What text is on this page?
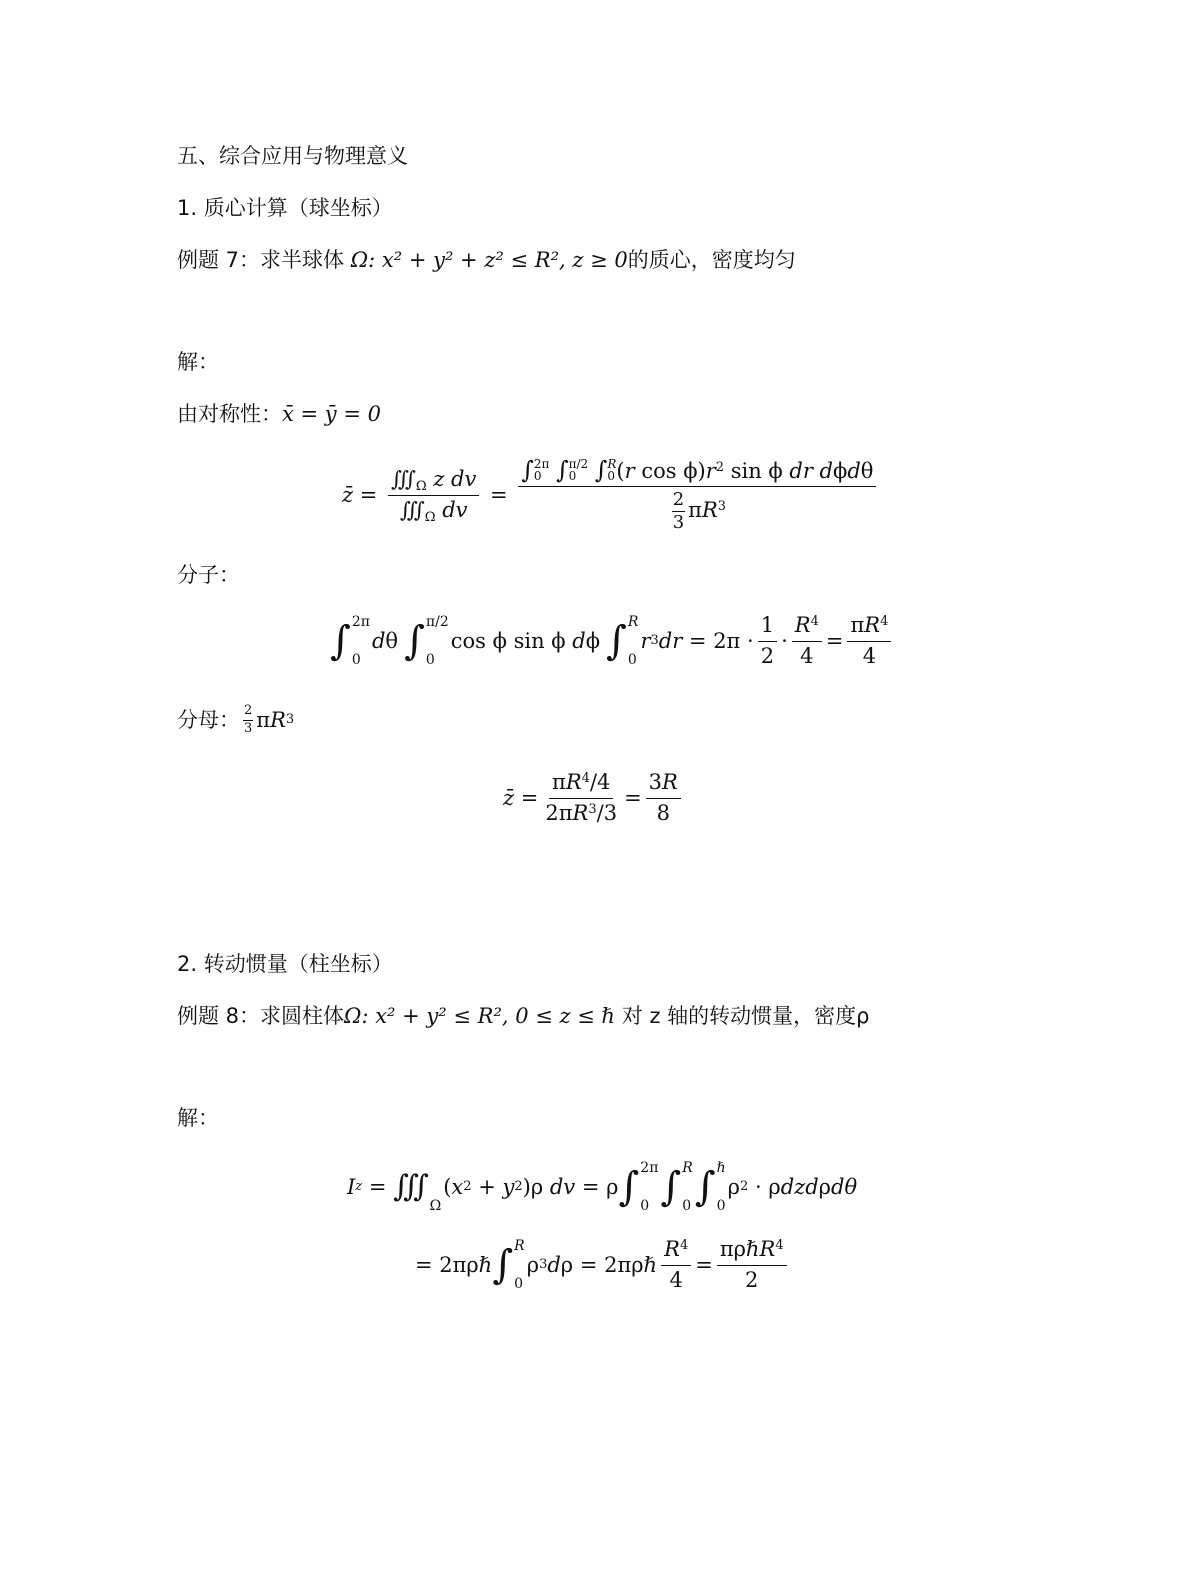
五、综合应用与物理意义
1. 质心计算（球坐标）
例题 7：求半球体 Ω: x² + y² + z² ≤ R², z ≥ 0的质心，密度均匀
解：
由对称性：x̄ = ȳ = 0
z̄ = $\frac{∭_\Omega z dv}{∭_\Omega dv}$ = ∫ 2π
0
∫ π/2
0
∫ R
0 (r $\cos \phi)r^2$ sin ϕ dr dϕdθ
$\frac{2}{3} \pi R^3$
分子：
∫ 2π
0
d θ ∫ π/2
0
cos ϕ sin ϕ d ϕ ∫ R
0
r 3 dr = $2\pi \cdot \frac{1}{2} \cdot \frac{R^4}{4} = \frac{\pi R^4}{4}$
分母： 2
3 π R 3
z̄ = $\frac{\pi R^4/4}{2\pi R^3/3} = \frac{3R}{8}$
2. 转动惯量（柱坐标）
例题 8：求圆柱体Ω: x² + y² ≤ R², 0 ≤ z ≤ ℏ 对 z 轴的转动惯量，密度ρ
解：
I z = ∭
Ω
( x 2 + y 2 )ρ dv = ρ ∫ 2π
0 ∫ R
0 ∫ ℏ
0
ρ 2 · ρ dzd ρ dθ
= 2πρ ℏ ∫ R
0
ρ 3 d ρ = 2πρ ℏ $\frac{R^4}{4} = \frac{\pi\rho\hbar R^4}{2}$
